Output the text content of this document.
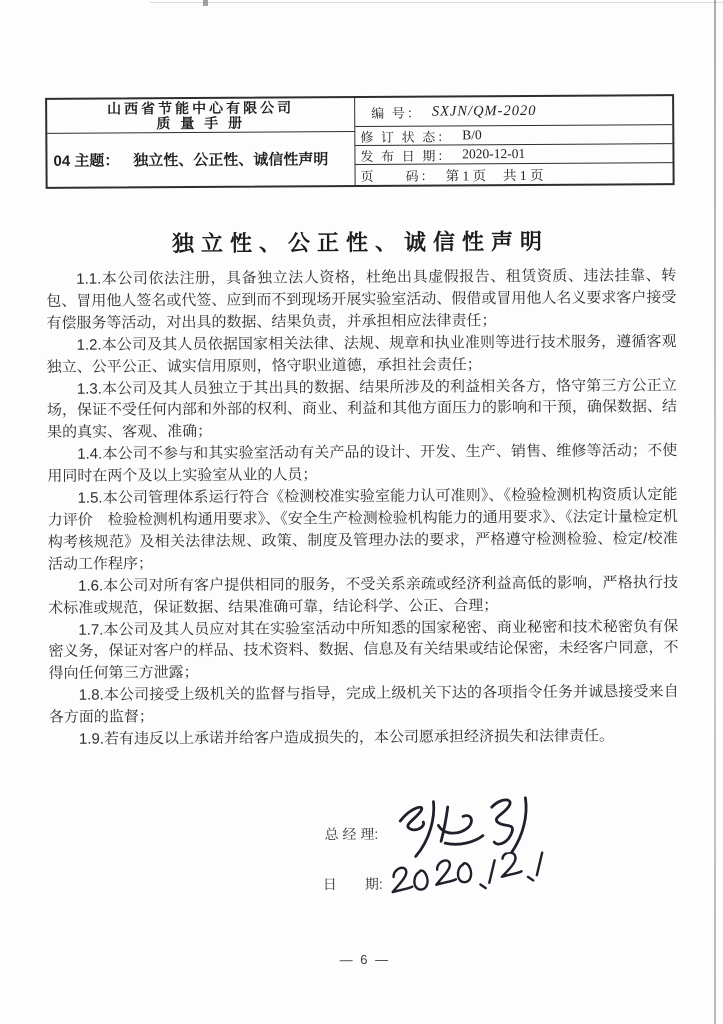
山西省节能中心有限公司
质 量 手 册
04 主题： 独立性、公正性、诚信性声明
编 号： SXJN/QM-2020
修 订 状 态： B/0
发 布 日 期： 2020-12-01
页　　码： 第 1 页　 共 1 页
独立性、公正性、诚信性声明

1.1.本公司依法注册，具备独立法人资格，杜绝出具虚假报告、租赁资质、违法挂靠、转包、冒用他人签名或代签、应到而不到现场开展实验室活动、假借或冒用他人名义要求客户接受有偿服务等活动，对出具的数据、结果负责，并承担相应法律责任；

1.2.本公司及其人员依据国家相关法律、法规、规章和执业准则等进行技术服务，遵循客观独立、公平公正、诚实信用原则，恪守职业道德，承担社会责任；

1.3.本公司及其人员独立于其出具的数据、结果所涉及的利益相关各方，恪守第三方公正立场，保证不受任何内部和外部的权利、商业、利益和其他方面压力的影响和干预，确保数据、结果的真实、客观、准确；

1.4.本公司不参与和其实验室活动有关产品的设计、开发、生产、销售、维修等活动；不使用同时在两个及以上实验室从业的人员；

1.5.本公司管理体系运行符合《检测校准实验室能力认可准则》、《检验检测机构资质认定能力评价　检验检测机构通用要求》、《安全生产检测检验机构能力的通用要求》、《法定计量检定机构考核规范》及相关法律法规、政策、制度及管理办法的要求，严格遵守检测检验、检定/校准活动工作程序；

1.6.本公司对所有客户提供相同的服务，不受关系亲疏或经济利益高低的影响，严格执行技术标准或规范，保证数据、结果准确可靠，结论科学、公正、合理；

1.7.本公司及其人员应对其在实验室活动中所知悉的国家秘密、商业秘密和技术秘密负有保密义务，保证对客户的样品、技术资料、数据、信息及有关结果或结论保密，未经客户同意，不得向任何第三方泄露；

1.8.本公司接受上级机关的监督与指导，完成上级机关下达的各项指令任务并诚恳接受来自各方面的监督；

1.9.若有违反以上承诺并给客户造成损失的，本公司愿承担经济损失和法律责任。

总 经 理:
日　　期:
— 6 —
